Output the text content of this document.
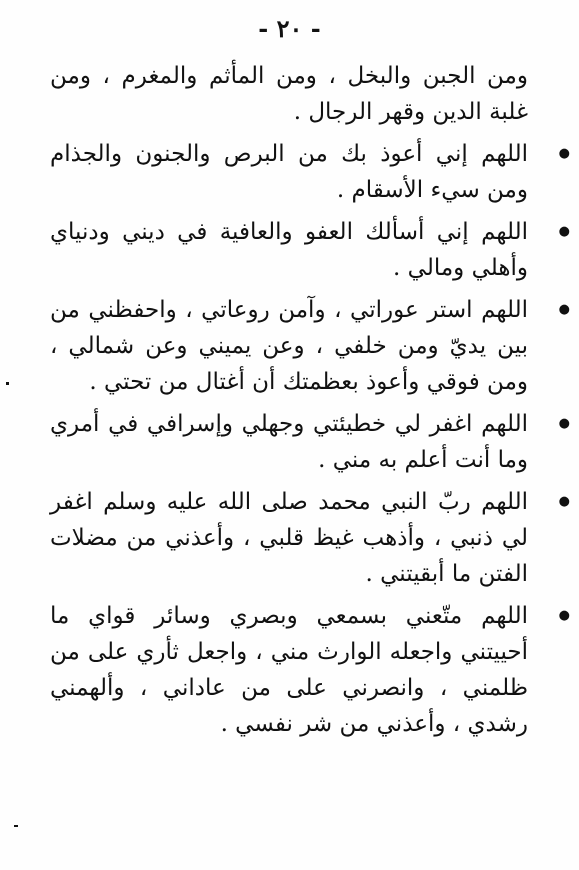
- ٢٠ -

ومن الجبن والبخل ، ومن المأثم والمغرم ، ومن غلبة الدين وقهر الرجال .

● اللهم إني أعوذ بك من البرص والجنون والجذام ومن سيء الأسقام .
● اللهم إني أسألك العفو والعافية في ديني ودنياي وأهلي ومالي .
● اللهم استر عوراتي ، وآمن روعاتي ، واحفظني من بين يديّ ومن خلفي ، وعن يميني وعن شمالي ، ومن فوقي وأعوذ بعظمتك أن أغتال من تحتي .
● اللهم اغفر لي خطيئتي وجهلي وإسرافي في أمري وما أنت أعلم به مني .
● اللهم ربّ النبي محمد صلى الله عليه وسلم اغفر لي ذنبي ، وأذهب غيظ قلبي ، وأعذني من مضلات الفتن ما أبقيتني .
● اللهم متّعني بسمعي وبصري وسائر قواي ما أحييتني واجعله الوارث مني ، واجعل ثأري على من ظلمني ، وانصرني على من عاداني ، وألهمني رشدي ، وأعذني من شر نفسي .
